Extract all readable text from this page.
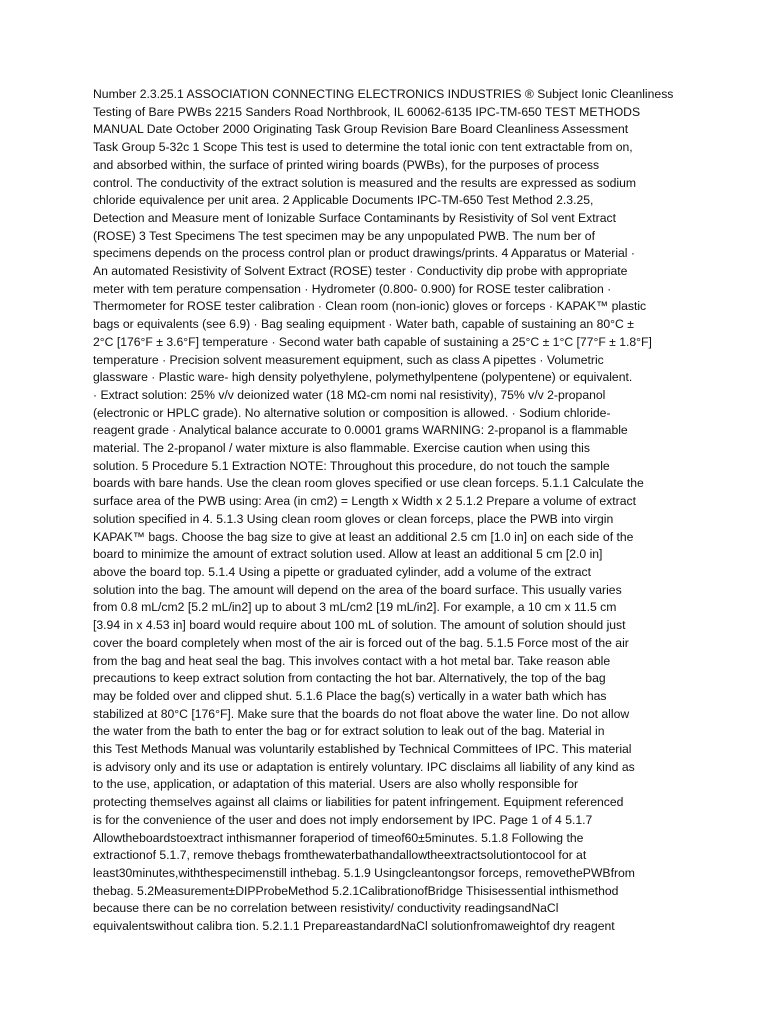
Number 2.3.25.1 ASSOCIATION CONNECTING ELECTRONICS INDUSTRIES ® Subject Ionic Cleanliness
Testing of Bare PWBs 2215 Sanders Road Northbrook, IL 60062-6135 IPC-TM-650 TEST METHODS
MANUAL Date October 2000 Originating Task Group Revision Bare Board Cleanliness Assessment
Task Group 5-32c 1 Scope This test is used to determine the total ionic con tent extractable from on,
and absorbed within, the surface of printed wiring boards (PWBs), for the purposes of process
control. The conductivity of the extract solution is measured and the results are expressed as sodium
chloride equivalence per unit area. 2 Applicable Documents IPC-TM-650 Test Method 2.3.25,
Detection and Measure ment of Ionizable Surface Contaminants by Resistivity of Sol vent Extract
(ROSE) 3 Test Specimens The test specimen may be any unpopulated PWB. The num ber of
specimens depends on the process control plan or product drawings/prints. 4 Apparatus or Material ·
An automated Resistivity of Solvent Extract (ROSE) tester · Conductivity dip probe with appropriate
meter with tem perature compensation · Hydrometer (0.800- 0.900) for ROSE tester calibration ·
Thermometer for ROSE tester calibration · Clean room (non-ionic) gloves or forceps · KAPAK™ plastic
bags or equivalents (see 6.9) · Bag sealing equipment · Water bath, capable of sustaining an 80°C ±
2°C [176°F ± 3.6°F] temperature · Second water bath capable of sustaining a 25°C ± 1°C [77°F ± 1.8°F]
temperature · Precision solvent measurement equipment, such as class A pipettes · Volumetric
glassware · Plastic ware- high density polyethylene, polymethylpentene (polypentene) or equivalent.
· Extract solution: 25% v/v deionized water (18 MΩ-cm nomi nal resistivity), 75% v/v 2-propanol
(electronic or HPLC grade). No alternative solution or composition is allowed. · Sodium chloride-
reagent grade · Analytical balance accurate to 0.0001 grams WARNING: 2-propanol is a flammable
material. The 2-propanol / water mixture is also flammable. Exercise caution when using this
solution. 5 Procedure 5.1 Extraction NOTE: Throughout this procedure, do not touch the sample
boards with bare hands. Use the clean room gloves specified or use clean forceps. 5.1.1 Calculate the
surface area of the PWB using: Area (in cm2) = Length x Width x 2 5.1.2 Prepare a volume of extract
solution specified in 4. 5.1.3 Using clean room gloves or clean forceps, place the PWB into virgin
KAPAK™ bags. Choose the bag size to give at least an additional 2.5 cm [1.0 in] on each side of the
board to minimize the amount of extract solution used. Allow at least an additional 5 cm [2.0 in]
above the board top. 5.1.4 Using a pipette or graduated cylinder, add a volume of the extract
solution into the bag. The amount will depend on the area of the board surface. This usually varies
from 0.8 mL/cm2 [5.2 mL/in2] up to about 3 mL/cm2 [19 mL/in2]. For example, a 10 cm x 11.5 cm
[3.94 in x 4.53 in] board would require about 100 mL of solution. The amount of solution should just
cover the board completely when most of the air is forced out of the bag. 5.1.5 Force most of the air
from the bag and heat seal the bag. This involves contact with a hot metal bar. Take reason able
precautions to keep extract solution from contacting the hot bar. Alternatively, the top of the bag
may be folded over and clipped shut. 5.1.6 Place the bag(s) vertically in a water bath which has
stabilized at 80°C [176°F]. Make sure that the boards do not float above the water line. Do not allow
the water from the bath to enter the bag or for extract solution to leak out of the bag. Material in
this Test Methods Manual was voluntarily established by Technical Committees of IPC. This material
is advisory only and its use or adaptation is entirely voluntary. IPC disclaims all liability of any kind as
to the use, application, or adaptation of this material. Users are also wholly responsible for
protecting themselves against all claims or liabilities for patent infringement. Equipment referenced
is for the convenience of the user and does not imply endorsement by IPC. Page 1 of 4 5.1.7
Allowtheboardstoextract inthismanner foraperiod of timeof60±5minutes. 5.1.8 Following the
extractionof 5.1.7, remove thebags fromthewaterbathandallowtheextractsolutiontocool for at
least30minutes,withthespecimenstill inthebag. 5.1.9 Usingcleantongsor forceps, removethePWBfrom
thebag. 5.2Measurement±DIPProbeMethod 5.2.1CalibrationofBridge Thisisessential inthismethod
because there can be no correlation between resistivity/ conductivity readingsandNaCl
equivalentswithout calibra tion. 5.2.1.1 PrepareastandardNaCl solutionfromaweightof dry reagent
